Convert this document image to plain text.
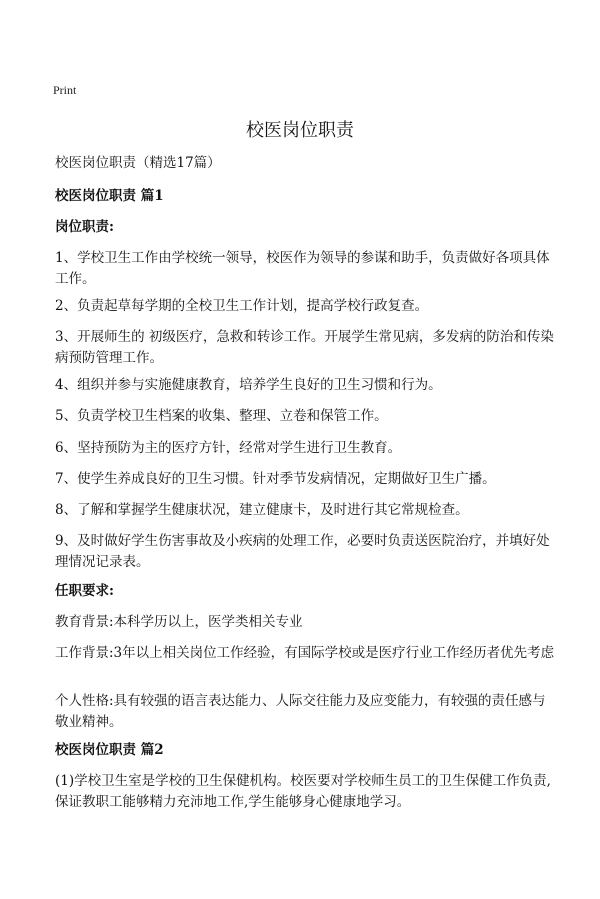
Print
校医岗位职责

校医岗位职责（精选17篇）

校医岗位职责 篇1

岗位职责:

1、学校卫生工作由学校统一领导，校医作为领导的参谋和助手，负责做好各项具体工作。

2、负责起草每学期的全校卫生工作计划，提高学校行政复查。

3、开展师生的 初级医疗，急救和转诊工作。开展学生常见病，多发病的防治和传染病预防管理工作。

4、组织并参与实施健康教育，培养学生良好的卫生习惯和行为。

5、负责学校卫生档案的收集、整理、立卷和保管工作。

6、坚持预防为主的医疗方针，经常对学生进行卫生教育。

7、使学生养成良好的卫生习惯。针对季节发病情况，定期做好卫生广播。

8、了解和掌握学生健康状况，建立健康卡，及时进行其它常规检查。

9、及时做好学生伤害事故及小疾病的处理工作，必要时负责送医院治疗，并填好处理情况记录表。

任职要求:

教育背景:本科学历以上，医学类相关专业

工作背景:3年以上相关岗位工作经验，有国际学校或是医疗行业工作经历者优先考虑

个人性格:具有较强的语言表达能力、人际交往能力及应变能力，有较强的责任感与敬业精神。

校医岗位职责 篇2

(1)学校卫生室是学校的卫生保健机构。校医要对学校师生员工的卫生保健工作负责,保证教职工能够精力充沛地工作,学生能够身心健康地学习。
